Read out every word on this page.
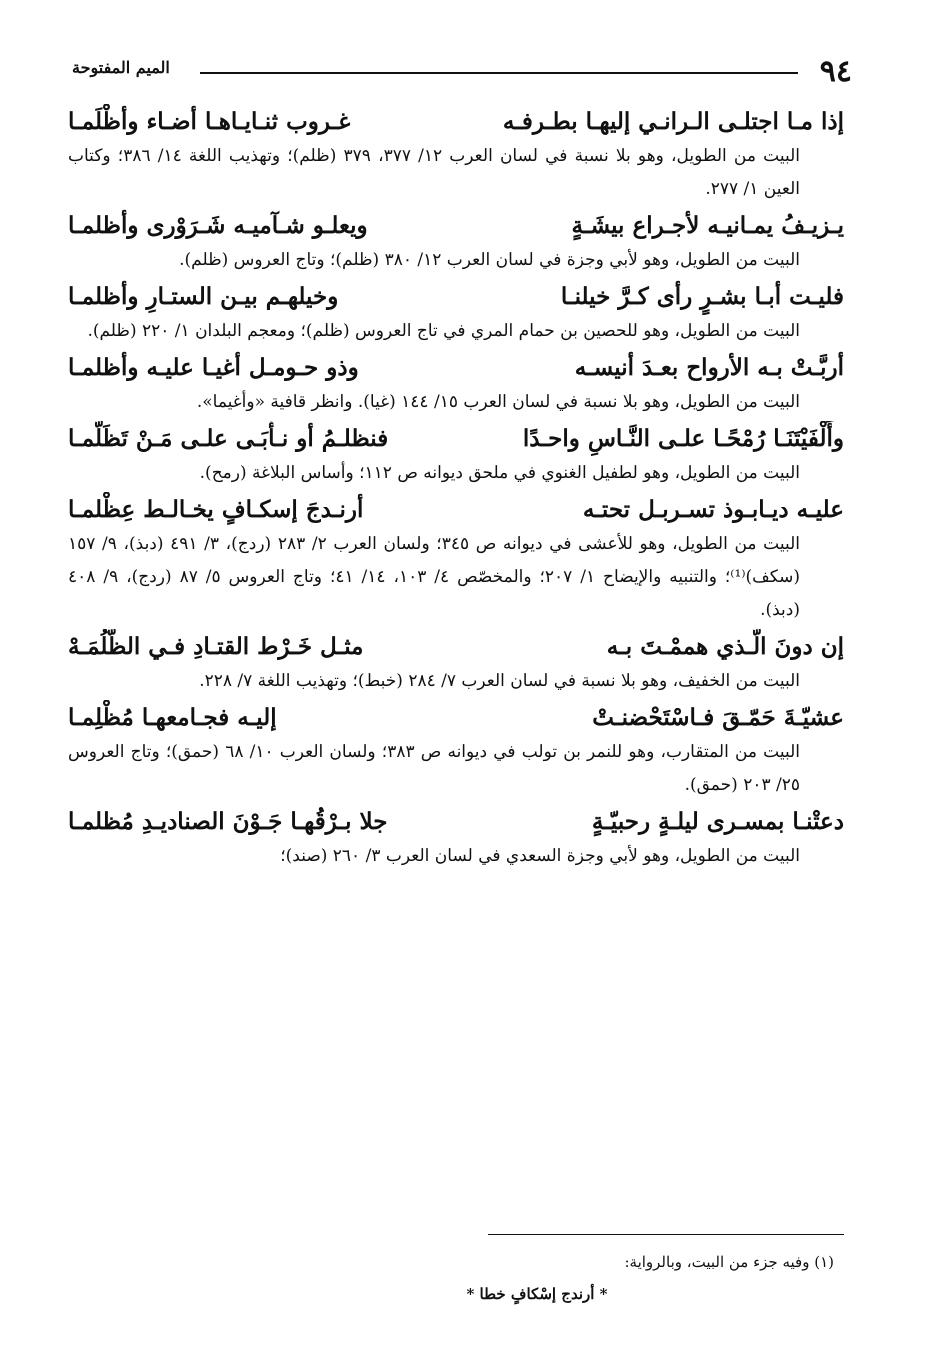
٩٤
الميم المفتوحة
إذا مـا اجتلـى الـرانـي إليهـا بطـرفـه
غـروب ثنـايـاهـا أضـاء وأظْلَمـا
البيت من الطويل، وهو بلا نسبة في لسان العرب ١٢/ ٣٧٧، ٣٧٩ (ظلم)؛ وتهذيب اللغة ١٤/ ٣٨٦؛ وكتاب العين ١/ ٢٧٧.
يـزيـفُ يمـانيـه لأجـراع بيشَـةٍ
ويعلـو شـآميـه شَـرَوْرى وأظلمـا
البيت من الطويل، وهو لأبي وجزة في لسان العرب ١٢/ ٣٨٠ (ظلم)؛ وتاج العروس (ظلم).
فليـت أبـا بشـرٍ رأى كـرَّ خيلنـا
وخيلهـم بيـن الستـارِ وأظلمـا
البيت من الطويل، وهو للحصين بن حمام المري في تاج العروس (ظلم)؛ ومعجم البلدان ١/ ٢٢٠ (ظلم).
أربَّـتْ بـه الأرواح بعـدَ أنيسـه
وذو حـومـل أغيـا عليـه وأظلمـا
البيت من الطويل، وهو بلا نسبة في لسان العرب ١٥/ ١٤٤ (غيا). وانظر قافية «وأغيما».
وأَلْفَيْتَنَـا رُمْحًـا علـى النَّـاسِ واحـدًا
فنظلـمُ أو نـأْبَـى علـى مَـنْ تَظَلَّمـا
البيت من الطويل، وهو لطفيل الغنوي في ملحق ديوانه ص ١١٢؛ وأساس البلاغة (رمح).
عليـه ديـابـوذ تسـربـل تحتـه
أرنـدجَ إسكـافٍ يخـالـط عِظْلمـا
البيت من الطويل، وهو للأعشى في ديوانه ص ٣٤٥؛ ولسان العرب ٢/ ٢٨٣ (ردج)، ٣/ ٤٩١ (دبذ)، ٩/ ١٥٧ (سكف)⁽¹⁾؛ والتنبيه والإيضاح ١/ ٢٠٧؛ والمخصّص ٤/ ١٠٣، ١٤/ ٤١؛ وتاج العروس ٥/ ٨٧ (ردج)، ٩/ ٤٠٨ (دبذ).
إن دونَ الَّـذي هممْـتَ بـه
مثـل خَـرْط القتـادِ فـي الظُّلُمَـهْ
البيت من الخفيف، وهو بلا نسبة في لسان العرب ٧/ ٢٨٤ (خبط)؛ وتهذيب اللغة ٧/ ٢٢٨.
عشيّـةَ حَمّـقَ فـاسْتَحْضنـتْ
إليـه فجـامعهـا مُظْلِمـا
البيت من المتقارب، وهو للنمر بن تولب في ديوانه ص ٣٨٣؛ ولسان العرب ١٠/ ٦٨ (حمق)؛ وتاج العروس ٢٥/ ٢٠٣ (حمق).
دعتْنـا بمسـرى ليلـةٍ رحبيّـةٍ
جلا بـرْقُهـا جَـوْنَ الصناديـدِ مُظلمـا
البيت من الطويل، وهو لأبي وجزة السعدي في لسان العرب ٣/ ٢٦٠ (صند)؛
(١) وفيه جزء من البيت، وبالرواية:
* أرندج إسْكافٍ خطا *
